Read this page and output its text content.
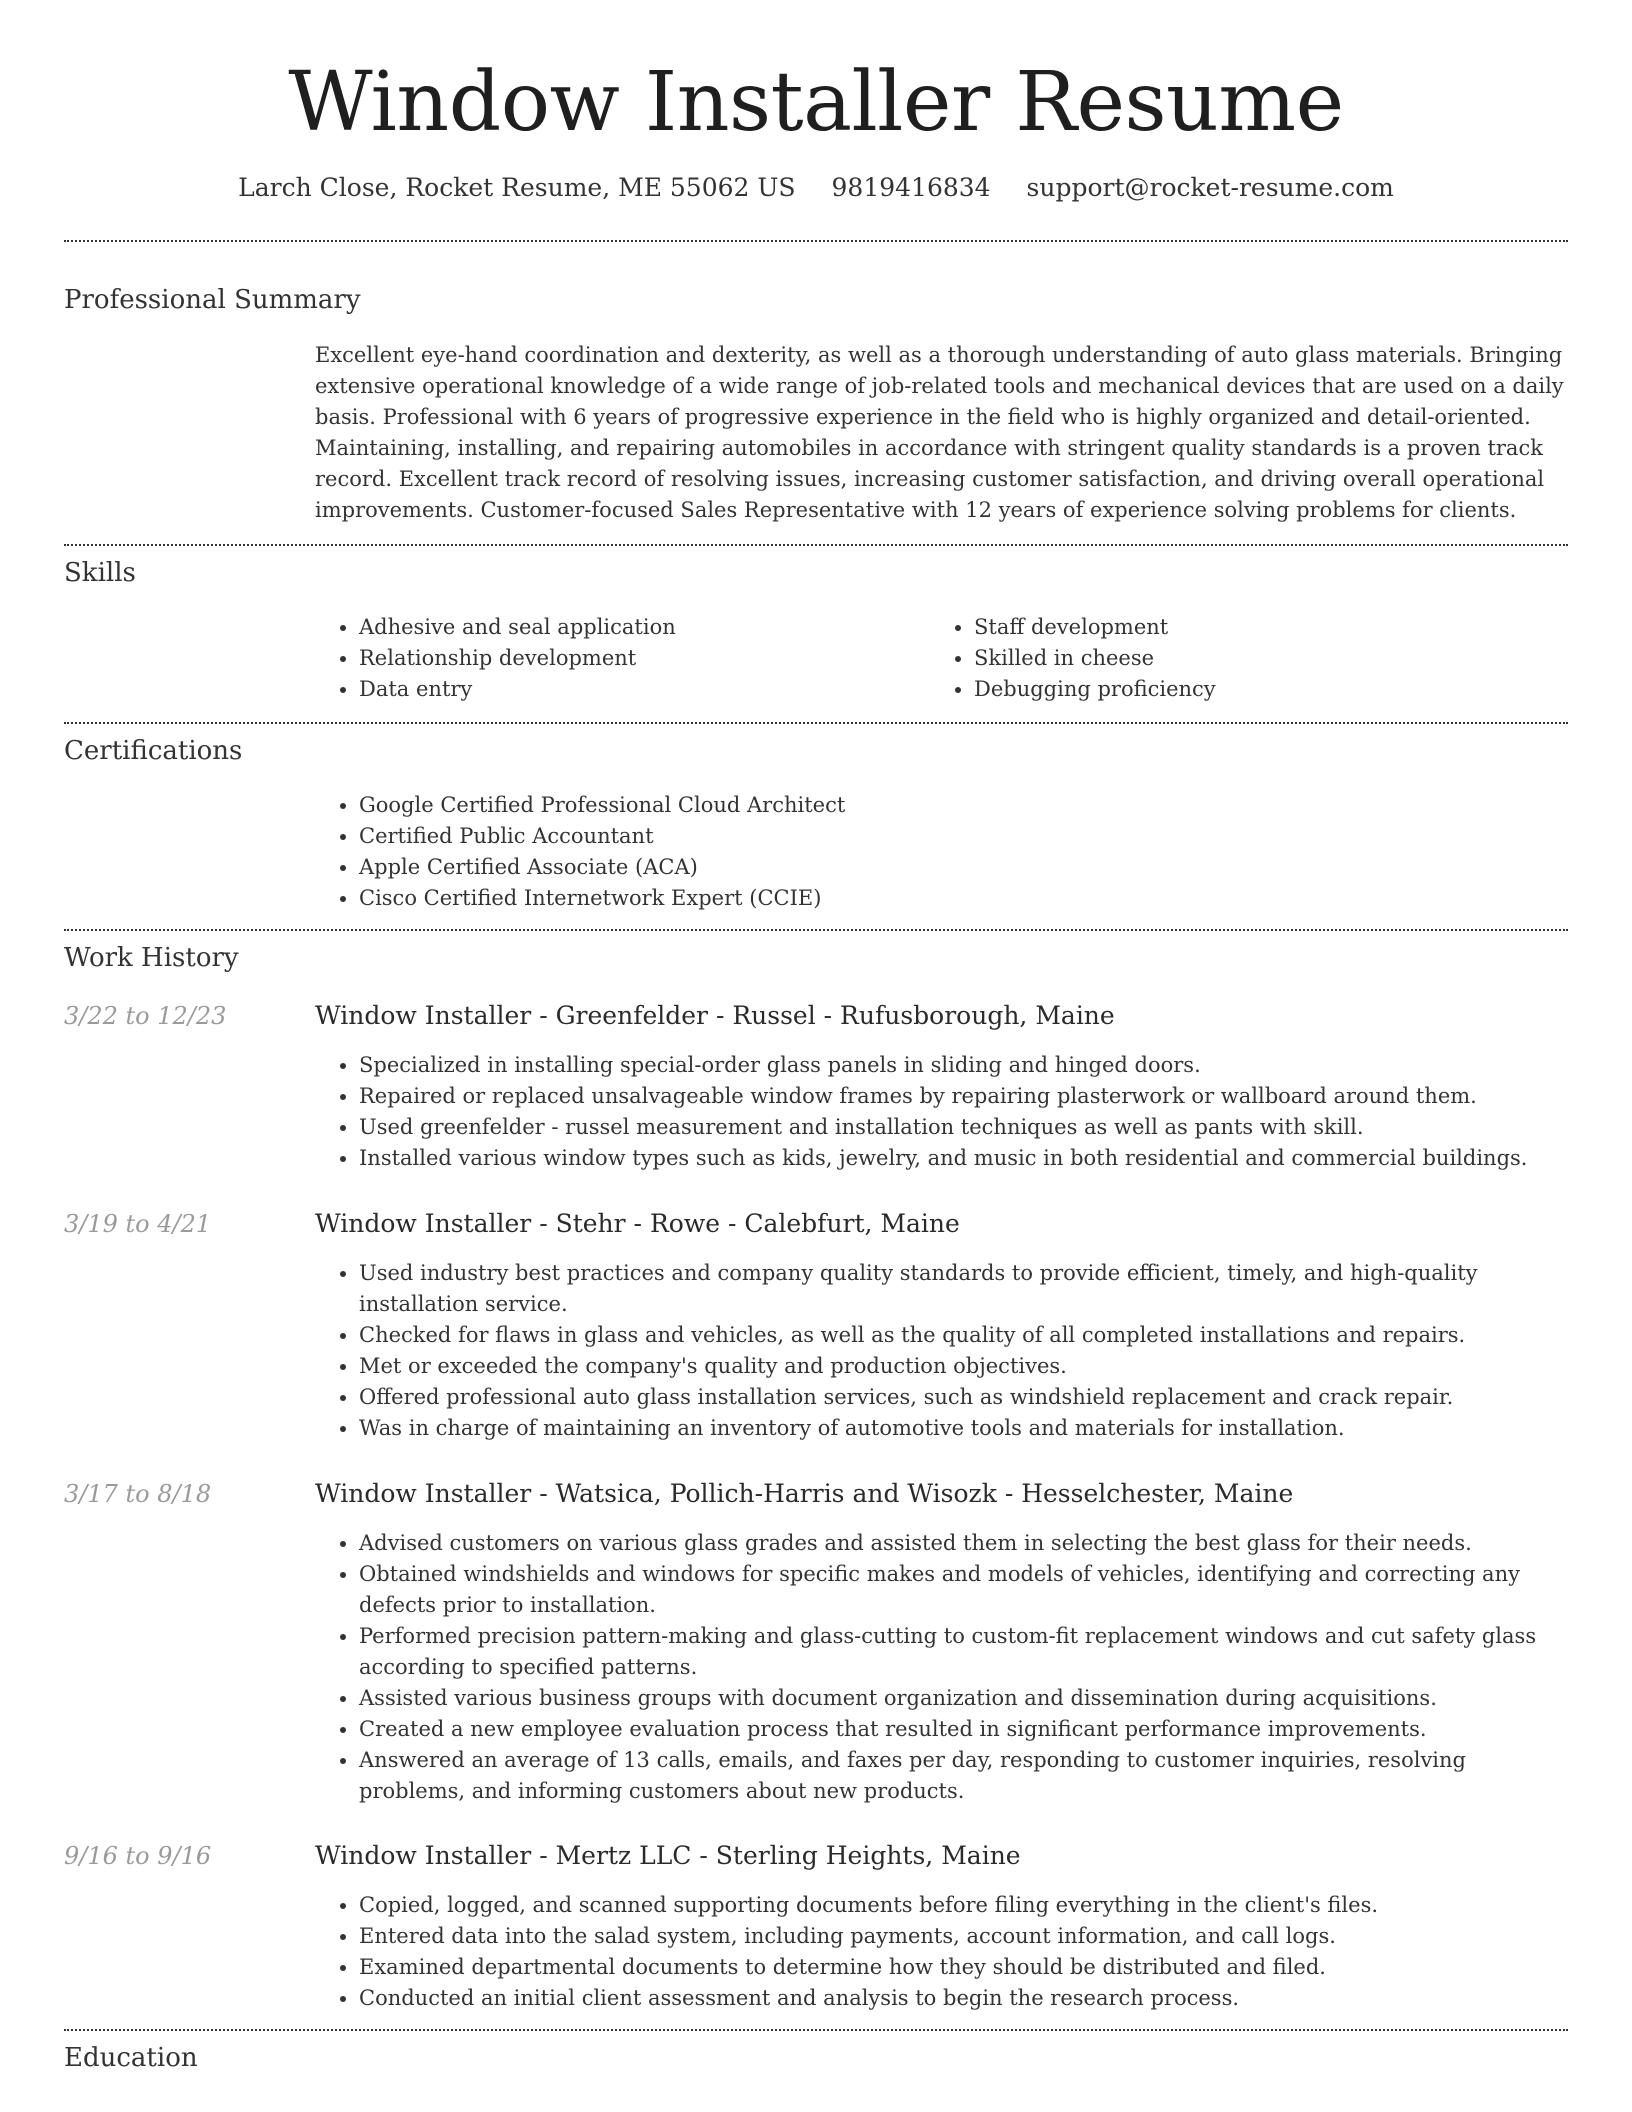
Window Installer Resume
Larch Close, Rocket Resume, ME 55062 US 9819416834 support@rocket-resume.com
Professional Summary
Excellent eye-hand coordination and dexterity, as well as a thorough understanding of auto glass materials. Bringing extensive operational knowledge of a wide range of job-related tools and mechanical devices that are used on a daily basis. Professional with 6 years of progressive experience in the field who is highly organized and detail-oriented. Maintaining, installing, and repairing automobiles in accordance with stringent quality standards is a proven track record. Excellent track record of resolving issues, increasing customer satisfaction, and driving overall operational improvements. Customer-focused Sales Representative with 12 years of experience solving problems for clients.
Skills
• Adhesive and seal application
• Relationship development
• Data entry
• Staff development
• Skilled in cheese
• Debugging proficiency
Certifications
• Google Certified Professional Cloud Architect
• Certified Public Accountant
• Apple Certified Associate (ACA)
• Cisco Certified Internetwork Expert (CCIE)
Work History
3/22 to 12/23	Window Installer - Greenfelder - Russel - Rufusborough, Maine
• Specialized in installing special-order glass panels in sliding and hinged doors.
• Repaired or replaced unsalvageable window frames by repairing plasterwork or wallboard around them.
• Used greenfelder - russel measurement and installation techniques as well as pants with skill.
• Installed various window types such as kids, jewelry, and music in both residential and commercial buildings.
3/19 to 4/21	Window Installer - Stehr - Rowe - Calebfurt, Maine
• Used industry best practices and company quality standards to provide efficient, timely, and high-quality installation service.
• Checked for flaws in glass and vehicles, as well as the quality of all completed installations and repairs.
• Met or exceeded the company's quality and production objectives.
• Offered professional auto glass installation services, such as windshield replacement and crack repair.
• Was in charge of maintaining an inventory of automotive tools and materials for installation.
3/17 to 8/18	Window Installer - Watsica, Pollich-Harris and Wisozk - Hesselchester, Maine
• Advised customers on various glass grades and assisted them in selecting the best glass for their needs.
• Obtained windshields and windows for specific makes and models of vehicles, identifying and correcting any defects prior to installation.
• Performed precision pattern-making and glass-cutting to custom-fit replacement windows and cut safety glass according to specified patterns.
• Assisted various business groups with document organization and dissemination during acquisitions.
• Created a new employee evaluation process that resulted in significant performance improvements.
• Answered an average of 13 calls, emails, and faxes per day, responding to customer inquiries, resolving problems, and informing customers about new products.
9/16 to 9/16	Window Installer - Mertz LLC - Sterling Heights, Maine
• Copied, logged, and scanned supporting documents before filing everything in the client's files.
• Entered data into the salad system, including payments, account information, and call logs.
• Examined departmental documents to determine how they should be distributed and filed.
• Conducted an initial client assessment and analysis to begin the research process.
Education
